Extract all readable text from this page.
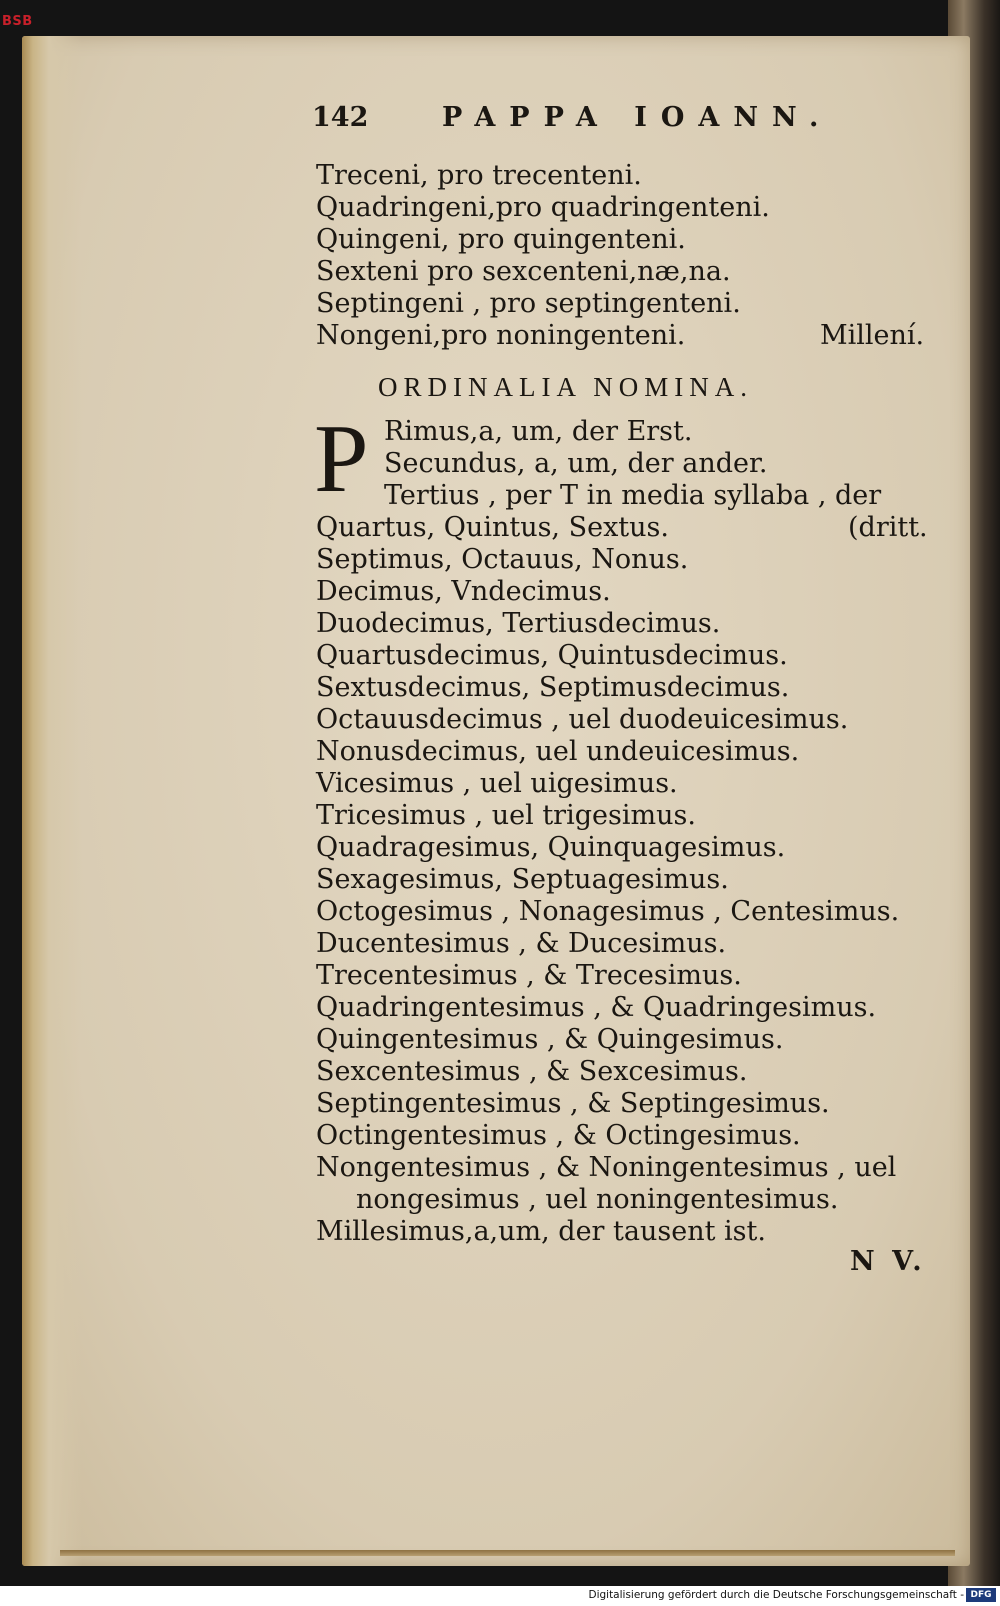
BSB
142	PAPPA IOANN.
Treceni, pro trecenteni.
Quadringeni,pro quadringenteni.
Quingeni, pro quingenteni.
Sexteni pro sexcenteni,næ,na.
Septingeni , pro septingenteni.
Nongeni,pro noningenteni.	Millení.
ORDINALIA NOMINA.
P Rimus,a, um, der Erst.
Secundus, a, um, der ander.
Tertius , per T in media syllaba , der
Quartus, Quintus, Sextus.
Septimus, Octauus, Nonus.
Decimus, Vndecimus.
Duodecimus, Tertiusdecimus.
Quartusdecimus, Quintusdecimus.
Sextusdecimus, Septimusdecimus.
Octauusdecimus , uel duodeuicesimus.
Nonusdecimus, uel undeuicesimus.
Vicesimus , uel uigesimus.
Tricesimus , uel trigesimus.
Quadragesimus, Quinquagesimus.
Sexagesimus, Septuagesimus.
Octogesimus , Nonagesimus , Centesimus.
Ducentesimus , & Ducesimus.
Trecentesimus , & Trecesimus.
Quadringentesimus , & Quadringesimus.
Quingentesimus , & Quingesimus.
Sexcentesimus , & Sexcesimus.
Septingentesimus , & Septingesimus.
Octingentesimus , & Octingesimus.
Nongentesimus , & Noningentesimus , uel
nongesimus , uel noningentesimus.
Millesimus,a,um, der tausent ist.
(dritt.
N V.
Digitalisierung gefördert durch die Deutsche Forschungsgemeinschaft - DFG
